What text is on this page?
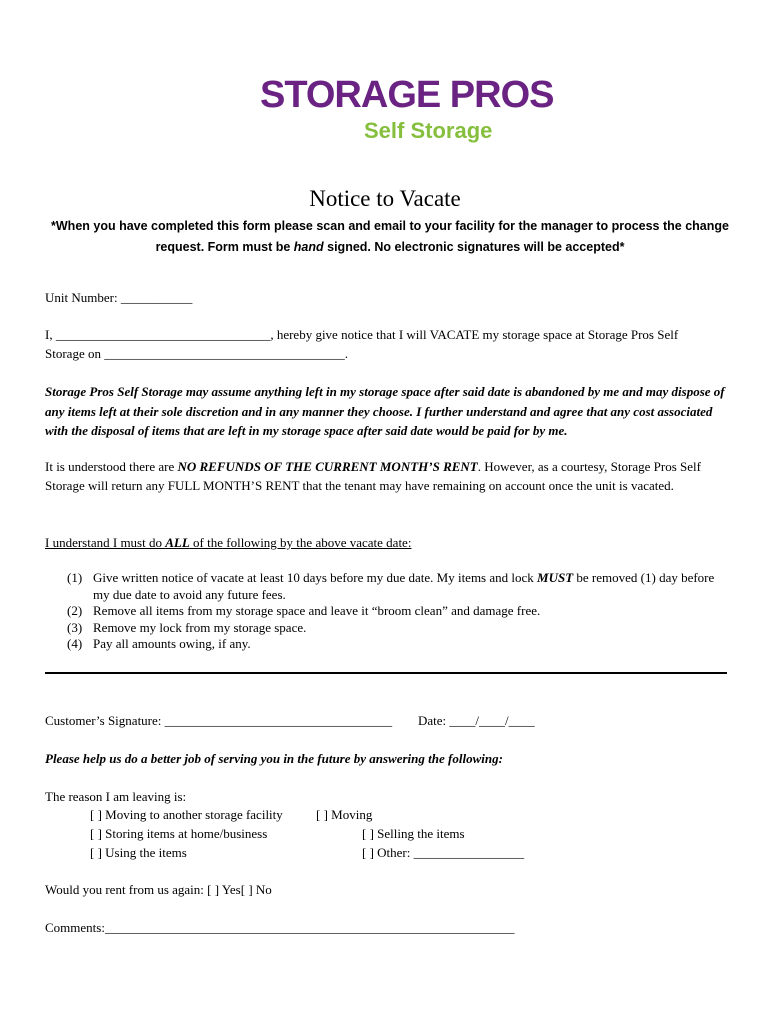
STORAGE PROS
Self Storage
Notice to Vacate
*When you have completed this form please scan and email to your facility for the manager to process the change request. Form must be hand signed. No electronic signatures will be accepted*
Unit Number: ___________
I, _________________________________, hereby give notice that I will VACATE my storage space at Storage Pros Self
Storage on _____________________________________.
Storage Pros Self Storage may assume anything left in my storage space after said date is abandoned by me and may dispose of any items left at their sole discretion and in any manner they choose. I further understand and agree that any cost associated with the disposal of items that are left in my storage space after said date would be paid for by me.
It is understood there are NO REFUNDS OF THE CURRENT MONTH’S RENT. However, as a courtesy, Storage Pros Self Storage will return any FULL MONTH’S RENT that the tenant may have remaining on account once the unit is vacated.
I understand I must do ALL of the following by the above vacate date:
(1) Give written notice of vacate at least 10 days before my due date. My items and lock MUST be removed (1) day before my due date to avoid any future fees.
(2) Remove all items from my storage space and leave it “broom clean” and damage free.
(3) Remove my lock from my storage space.
(4) Pay all amounts owing, if any.
Customer’s Signature: ___________________________________ Date: ____/____/____
Please help us do a better job of serving you in the future by answering the following:
The reason I am leaving is:
[ ] Moving to another storage facility	[ ] Moving
[ ] Storing items at home/business	[ ] Selling the items
[ ] Using the items	[ ] Other: _________________
Would you rent from us again: [ ] Yes[ ] No
Comments:_______________________________________________________________
